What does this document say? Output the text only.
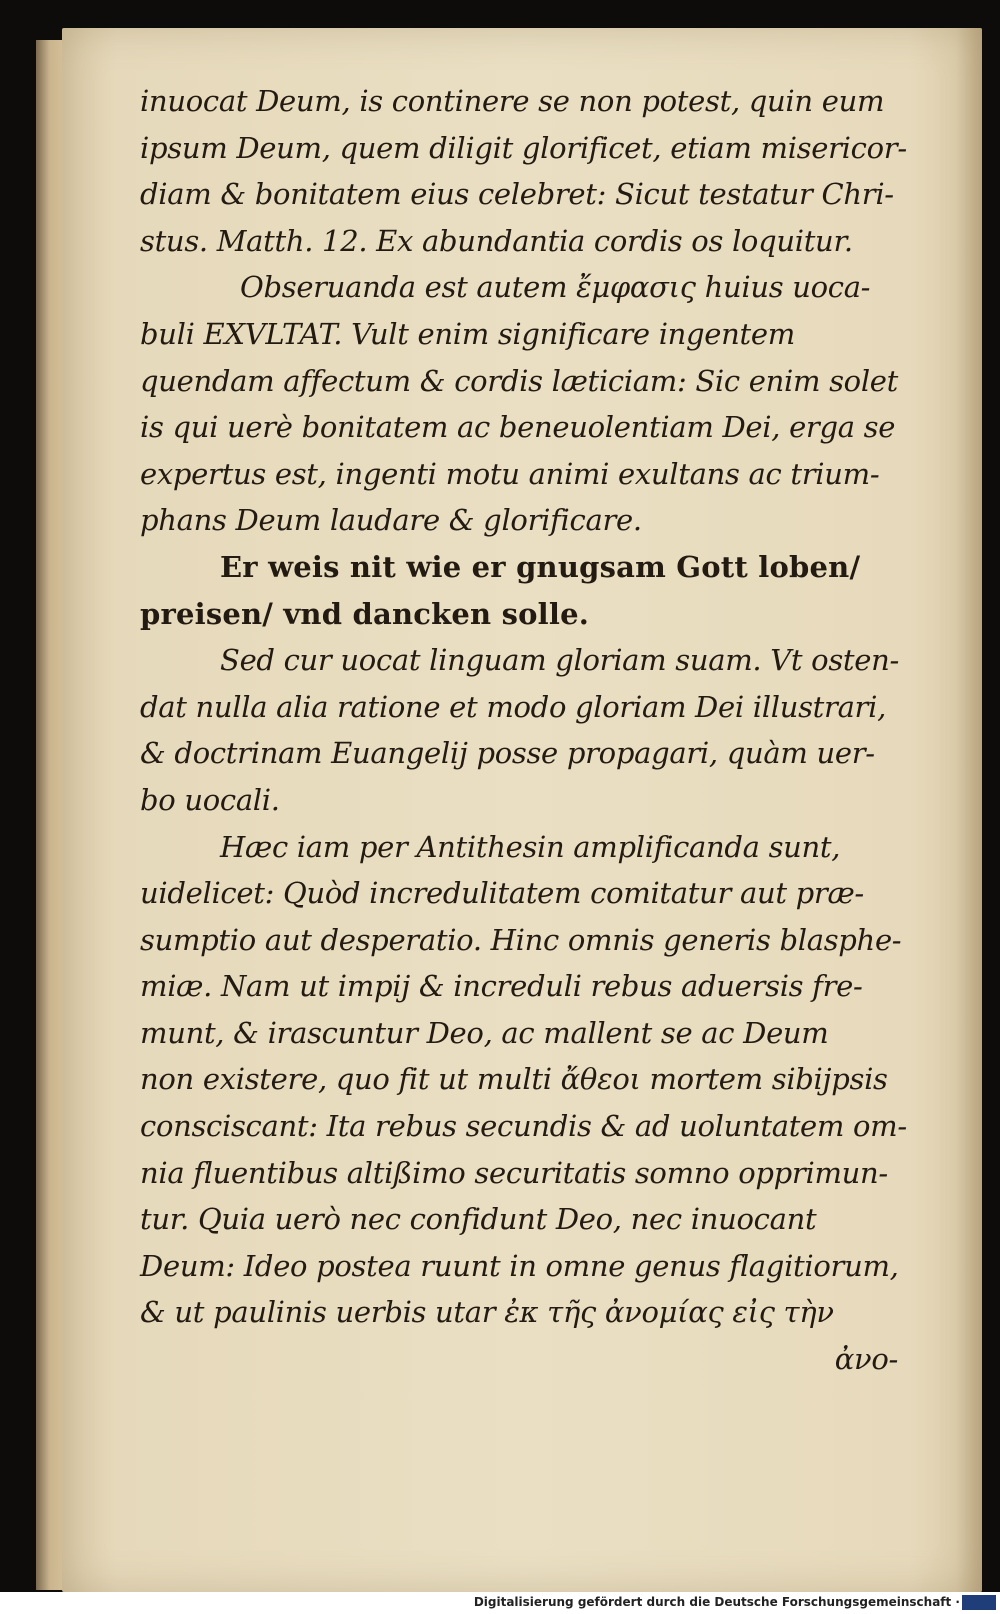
inuocat Deum, is continere se non potest, quin eum
ipsum Deum, quem diligit glorificet, etiam misericor-
diam & bonitatem eius celebret: Sicut testatur Chri-
stus. Matth. 12. Ex abundantia cordis os loquitur.
Obseruanda est autem ἔμφασις huius uoca-
buli EXVLTAT. Vult enim significare ingentem
quendam affectum & cordis læticiam: Sic enim solet
is qui uerè bonitatem ac beneuolentiam Dei, erga se
expertus est, ingenti motu animi exultans ac trium-
phans Deum laudare & glorificare.
Er weis nit wie er gnugsam Gott loben/
preisen/ vnd dancken solle.
Sed cur uocat linguam gloriam suam. Vt osten-
dat nulla alia ratione et modo gloriam Dei illustrari,
& doctrinam Euangelij posse propagari, quàm uer-
bo uocali.
Hæc iam per Antithesin amplificanda sunt,
uidelicet: Quòd incredulitatem comitatur aut præ-
sumptio aut desperatio. Hinc omnis generis blasphe-
miæ. Nam ut impij & increduli rebus aduersis fre-
munt, & irascuntur Deo, ac mallent se ac Deum
non existere, quo fit ut multi ἄθεοι mortem sibijpsis
consciscant: Ita rebus secundis & ad uoluntatem om-
nia fluentibus altißimo securitatis somno opprimun-
tur. Quia uerò nec confidunt Deo, nec inuocant
Deum: Ideo postea ruunt in omne genus flagitiorum,
& ut paulinis uerbis utar ἐκ τῆς ἀνομίας εἰς τὴν
ἀνο-
Digitalisierung gefördert durch die Deutsche Forschungsgemeinschaft ·
